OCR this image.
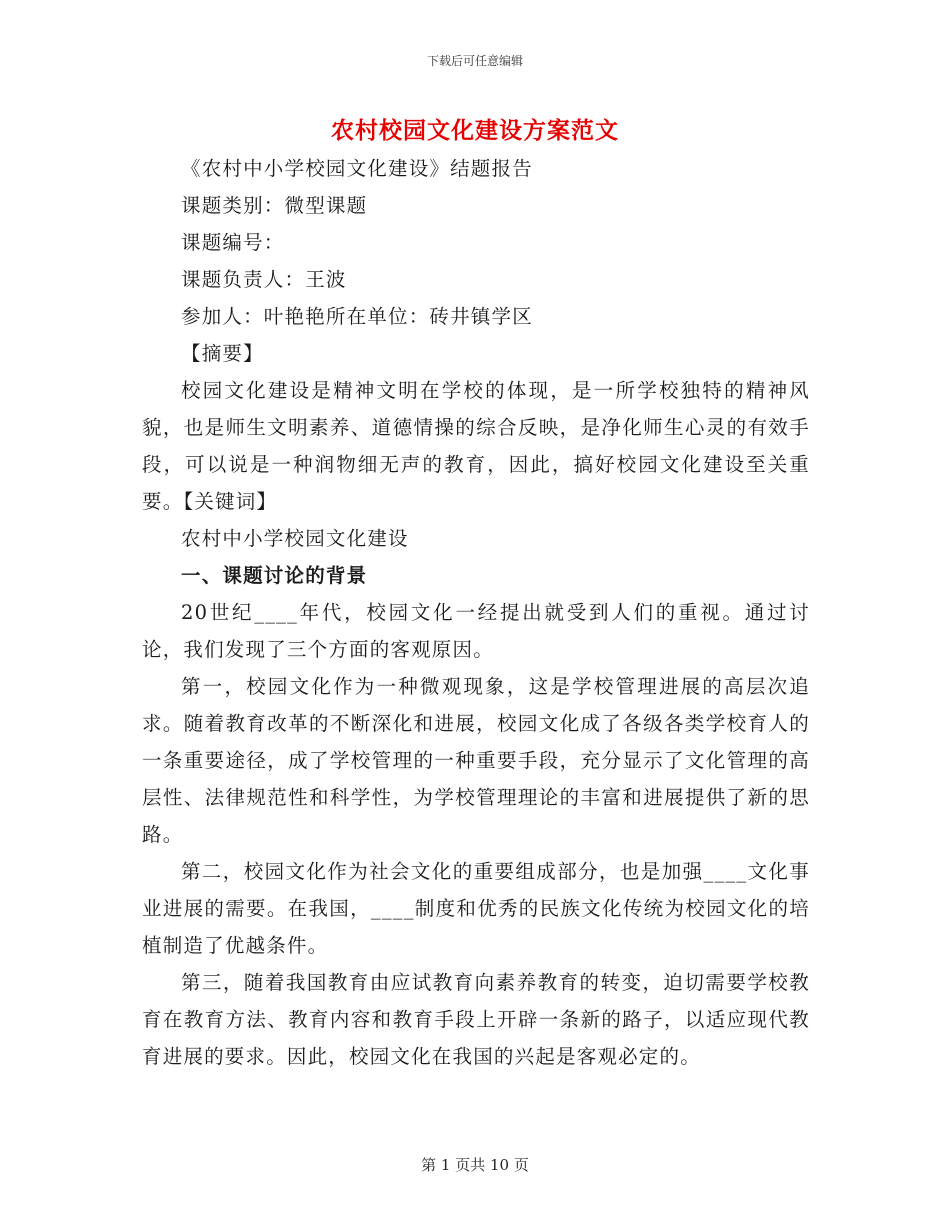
下载后可任意编辑
农村校园文化建设方案范文

《农村中小学校园文化建设》结题报告

课题类别：微型课题

课题编号：

课题负责人：王波

参加人：叶艳艳所在单位：砖井镇学区

【摘要】

校园文化建设是精神文明在学校的体现，是一所学校独特的精神风貌，也是师生文明素养、道德情操的综合反映，是净化师生心灵的有效手段，可以说是一种润物细无声的教育，因此，搞好校园文化建设至关重要。【关键词】

农村中小学校园文化建设

一、课题讨论的背景

20世纪____年代，校园文化一经提出就受到人们的重视。通过讨论，我们发现了三个方面的客观原因。

第一，校园文化作为一种微观现象，这是学校管理进展的高层次追求。随着教育改革的不断深化和进展，校园文化成了各级各类学校育人的一条重要途径，成了学校管理的一种重要手段，充分显示了文化管理的高层性、法律规范性和科学性，为学校管理理论的丰富和进展提供了新的思路。

第二，校园文化作为社会文化的重要组成部分，也是加强____文化事业进展的需要。在我国，____制度和优秀的民族文化传统为校园文化的培植制造了优越条件。

第三，随着我国教育由应试教育向素养教育的转变，迫切需要学校教育在教育方法、教育内容和教育手段上开辟一条新的路子，以适应现代教育进展的要求。因此，校园文化在我国的兴起是客观必定的。

第 1 页共 10 页
